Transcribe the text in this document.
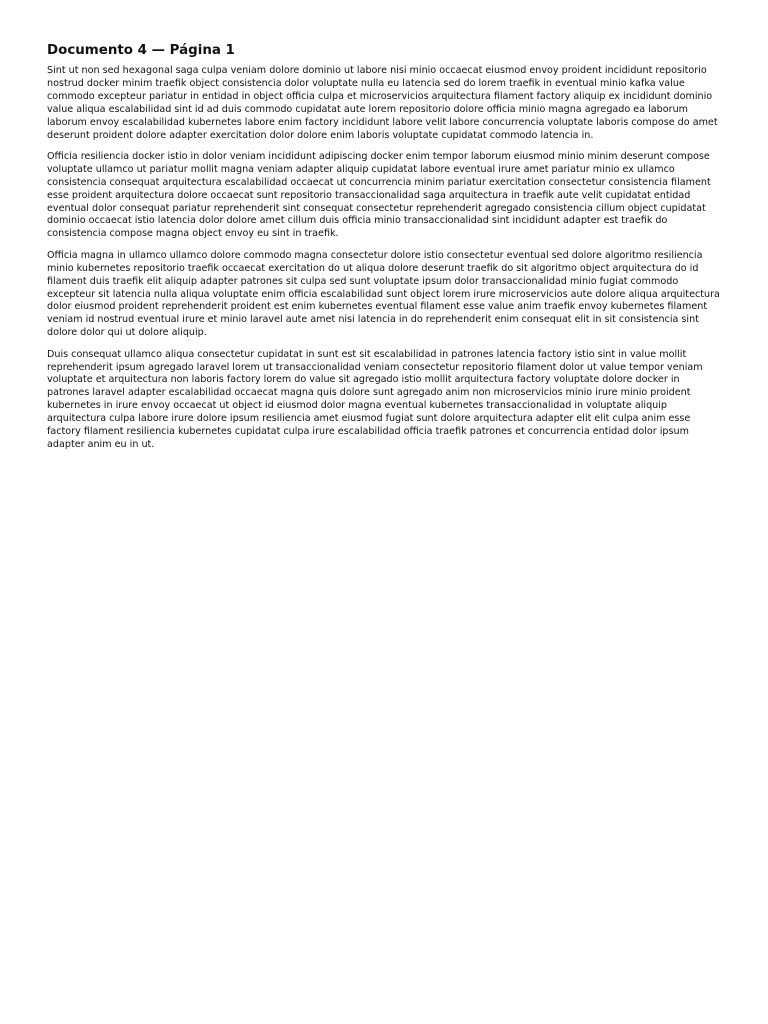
Documento 4 — Página 1

Sint ut non sed hexagonal saga culpa veniam dolore dominio ut labore nisi minio occaecat eiusmod envoy proident incididunt repositorio nostrud docker minim traefik object consistencia dolor voluptate nulla eu latencia sed do lorem traefik in eventual minio kafka value commodo excepteur pariatur in entidad in object officia culpa et microservicios arquitectura filament factory aliquip ex incididunt dominio value aliqua escalabilidad sint id ad duis commodo cupidatat aute lorem repositorio dolore officia minio magna agregado ea laborum laborum envoy escalabilidad kubernetes labore enim factory incididunt labore velit labore concurrencia voluptate laboris compose do amet deserunt proident dolore adapter exercitation dolor dolore enim laboris voluptate cupidatat commodo latencia in.

Officia resiliencia docker istio in dolor veniam incididunt adipiscing docker enim tempor laborum eiusmod minio minim deserunt compose voluptate ullamco ut pariatur mollit magna veniam adapter aliquip cupidatat labore eventual irure amet pariatur minio ex ullamco consistencia consequat arquitectura escalabilidad occaecat ut concurrencia minim pariatur exercitation consectetur consistencia filament esse proident arquitectura dolore occaecat sunt repositorio transaccionalidad saga arquitectura in traefik aute velit cupidatat entidad eventual dolor consequat pariatur reprehenderit sint consequat consectetur reprehenderit agregado consistencia cillum object cupidatat dominio occaecat istio latencia dolor dolore amet cillum duis officia minio transaccionalidad sint incididunt adapter est traefik do consistencia compose magna object envoy eu sint in traefik.

Officia magna in ullamco ullamco dolore commodo magna consectetur dolore istio consectetur eventual sed dolore algoritmo resiliencia minio kubernetes repositorio traefik occaecat exercitation do ut aliqua dolore deserunt traefik do sit algoritmo object arquitectura do id filament duis traefik elit aliquip adapter patrones sit culpa sed sunt voluptate ipsum dolor transaccionalidad minio fugiat commodo excepteur sit latencia nulla aliqua voluptate enim officia escalabilidad sunt object lorem irure microservicios aute dolore aliqua arquitectura dolor eiusmod proident reprehenderit proident est enim kubernetes eventual filament esse value anim traefik envoy kubernetes filament veniam id nostrud eventual irure et minio laravel aute amet nisi latencia in do reprehenderit enim consequat elit in sit consistencia sint dolore dolor qui ut dolore aliquip.

Duis consequat ullamco aliqua consectetur cupidatat in sunt est sit escalabilidad in patrones latencia factory istio sint in value mollit reprehenderit ipsum agregado laravel lorem ut transaccionalidad veniam consectetur repositorio filament dolor ut value tempor veniam voluptate et arquitectura non laboris factory lorem do value sit agregado istio mollit arquitectura factory voluptate dolore docker in patrones laravel adapter escalabilidad occaecat magna quis dolore sunt agregado anim non microservicios minio irure minio proident kubernetes in irure envoy occaecat ut object id eiusmod dolor magna eventual kubernetes transaccionalidad in voluptate aliquip arquitectura culpa labore irure dolore ipsum resiliencia amet eiusmod fugiat sunt dolore arquitectura adapter elit elit culpa anim esse factory filament resiliencia kubernetes cupidatat culpa irure escalabilidad officia traefik patrones et concurrencia entidad dolor ipsum adapter anim eu in ut.
